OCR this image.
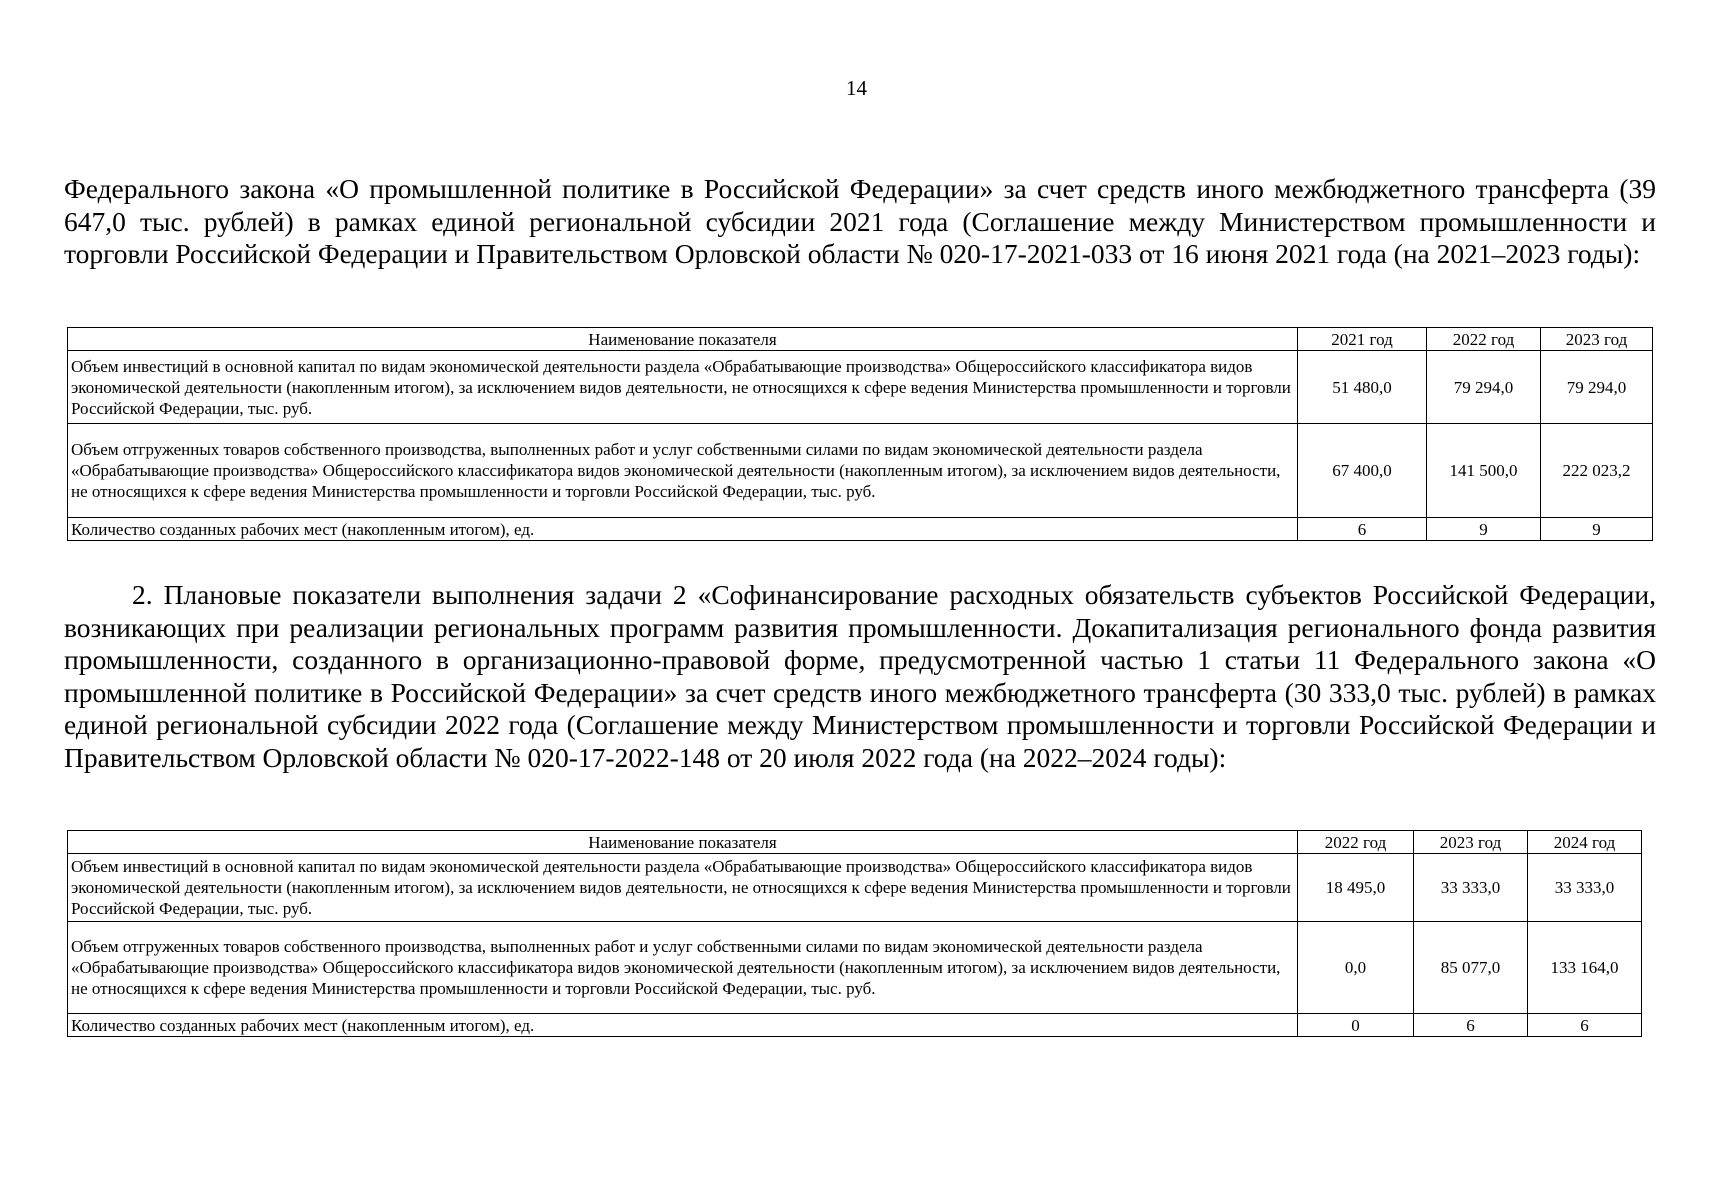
14
Федерального закона «О промышленной политике в Российской Федерации» за счет средств иного межбюджетного трансферта (39 647,0 тыс. рублей) в рамках единой региональной субсидии 2021 года (Соглашение между Министерством промышленности и торговли Российской Федерации и Правительством Орловской области № 020-17-2021-033 от 16 июня 2021 года (на 2021–2023 годы):
Наименование показателя	2021 год	2022 год	2023 год
Объем инвестиций в основной капитал по видам экономической деятельности раздела «Обрабатывающие производства» Общероссийского классификатора видов экономической деятельности (накопленным итогом), за исключением видов деятельности, не относящихся к сфере ведения Министерства промышленности и торговли Российской Федерации, тыс. руб.	51 480,0	79 294,0	79 294,0
Объем отгруженных товаров собственного производства, выполненных работ и услуг собственными силами по видам экономической деятельности раздела «Обрабатывающие производства» Общероссийского классификатора видов экономической деятельности (накопленным итогом), за исключением видов деятельности, не относящихся к сфере ведения Министерства промышленности и торговли Российской Федерации, тыс. руб.	67 400,0	141 500,0	222 023,2
Количество созданных рабочих мест (накопленным итогом), ед.	6	9	9
2. Плановые показатели выполнения задачи 2 «Софинансирование расходных обязательств субъектов Российской Федерации, возникающих при реализации региональных программ развития промышленности. Докапитализация регионального фонда развития промышленности, созданного в организационно-правовой форме, предусмотренной частью 1 статьи 11 Федерального закона «О промышленной политике в Российской Федерации» за счет средств иного межбюджетного трансферта (30 333,0 тыс. рублей) в рамках единой региональной субсидии 2022 года (Соглашение между Министерством промышленности и торговли Российской Федерации и Правительством Орловской области № 020-17-2022-148 от 20 июля 2022 года (на 2022–2024 годы):
Наименование показателя	2022 год	2023 год	2024 год
Объем инвестиций в основной капитал по видам экономической деятельности раздела «Обрабатывающие производства» Общероссийского классификатора видов экономической деятельности (накопленным итогом), за исключением видов деятельности, не относящихся к сфере ведения Министерства промышленности и торговли Российской Федерации, тыс. руб.	18 495,0	33 333,0	33 333,0
Объем отгруженных товаров собственного производства, выполненных работ и услуг собственными силами по видам экономической деятельности раздела «Обрабатывающие производства» Общероссийского классификатора видов экономической деятельности (накопленным итогом), за исключением видов деятельности, не относящихся к сфере ведения Министерства промышленности и торговли Российской Федерации, тыс. руб.	0,0	85 077,0	133 164,0
Количество созданных рабочих мест (накопленным итогом), ед.	0	6	6
